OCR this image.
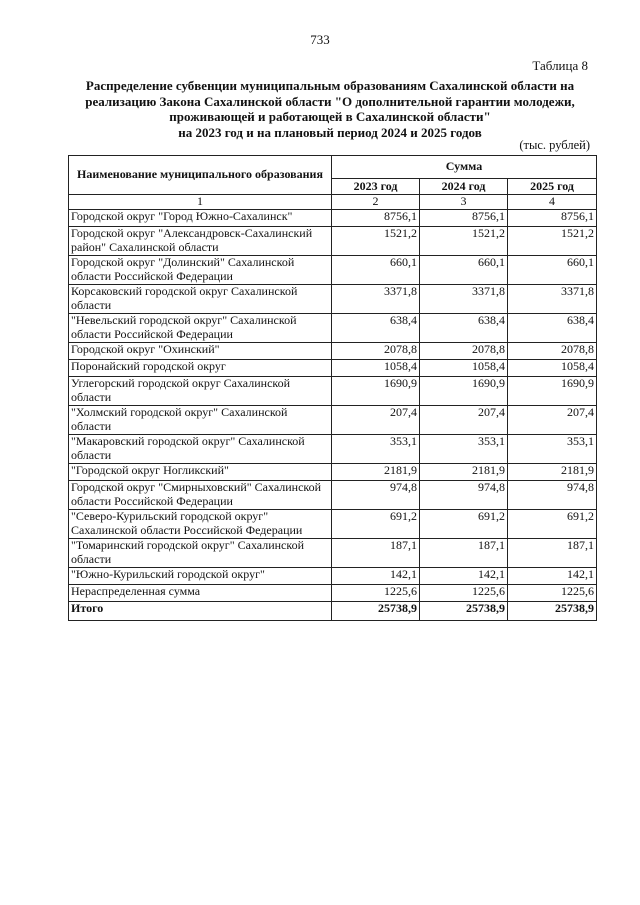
733
Таблица 8
Распределение субвенции муниципальным образованиям Сахалинской области на
реализацию Закона Сахалинской области "О дополнительной гарантии молодежи,
проживающей и работающей в Сахалинской области"
на 2023 год и на плановый период 2024 и 2025 годов
(тыс. рублей)
Наименование муниципального образования	Сумма		
	2023 год	2024 год	2025 год
1	2	3	4
Городской округ "Город Южно-Сахалинск"	8756,1	8756,1	8756,1
Городской округ "Александровск-Сахалинский район" Сахалинской области	1521,2	1521,2	1521,2
Городской округ "Долинский" Сахалинской области Российской Федерации	660,1	660,1	660,1
Корсаковский городской округ Сахалинской области	3371,8	3371,8	3371,8
"Невельский городской округ" Сахалинской области Российской Федерации	638,4	638,4	638,4
Городской округ "Охинский"	2078,8	2078,8	2078,8
Поронайский городской округ	1058,4	1058,4	1058,4
Углегорский городской округ Сахалинской области	1690,9	1690,9	1690,9
"Холмский городской округ" Сахалинской области	207,4	207,4	207,4
"Макаровский городской округ" Сахалинской области	353,1	353,1	353,1
"Городской округ Ногликский"	2181,9	2181,9	2181,9
Городской округ "Смирныховский" Сахалинской области Российской Федерации	974,8	974,8	974,8
"Северо-Курильский городской округ" Сахалинской области Российской Федерации	691,2	691,2	691,2
"Томаринский городской округ" Сахалинской области	187,1	187,1	187,1
"Южно-Курильский городской округ"	142,1	142,1	142,1
Нераспределенная сумма	1225,6	1225,6	1225,6
Итого	25738,9	25738,9	25738,9
